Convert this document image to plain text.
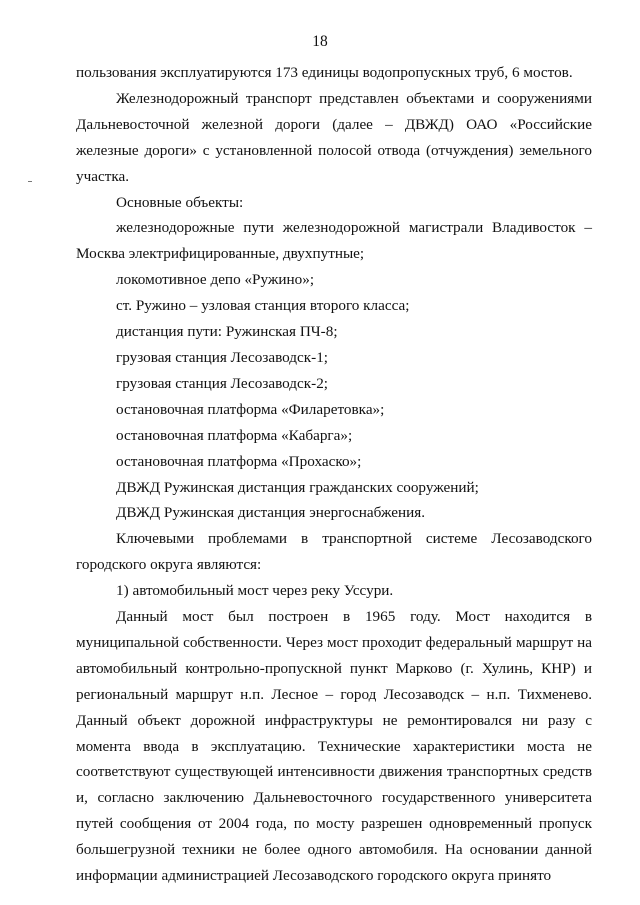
18

пользования эксплуатируются 173 единицы водопропускных труб, 6 мостов.

Железнодорожный транспорт представлен объектами и сооружениями Дальневосточной железной дороги (далее – ДВЖД) ОАО «Российские железные дороги» с установленной полосой отвода (отчуждения) земельного участка.

Основные объекты:

железнодорожные пути железнодорожной магистрали Владивосток – Москва электрифицированные, двухпутные;

локомотивное депо «Ружино»;

ст. Ружино – узловая станция второго класса;

дистанция пути: Ружинская ПЧ-8;

грузовая станция Лесозаводск-1;

грузовая станция Лесозаводск-2;

остановочная платформа «Филаретовка»;

остановочная платформа «Кабарга»;

остановочная платформа «Прохаско»;

ДВЖД Ружинская дистанция гражданских сооружений;

ДВЖД Ружинская дистанция энергоснабжения.

Ключевыми проблемами в транспортной системе Лесозаводского городского округа являются:

1) автомобильный мост через реку Уссури.

Данный мост был построен в 1965 году. Мост находится в муниципальной собственности. Через мост проходит федеральный маршрут на автомобильный контрольно-пропускной пункт Марково (г. Хулинь, КНР) и региональный маршрут н.п. Лесное – город Лесозаводск – н.п. Тихменево. Данный объект дорожной инфраструктуры не ремонтировался ни разу с момента ввода в эксплуатацию. Технические характеристики моста не соответствуют существующей интенсивности движения транспортных средств и, согласно заключению Дальневосточного государственного университета путей сообщения от 2004 года, по мосту разрешен одновременный пропуск большегрузной техники не более одного автомобиля. На основании данной информации администрацией Лесозаводского городского округа принято
